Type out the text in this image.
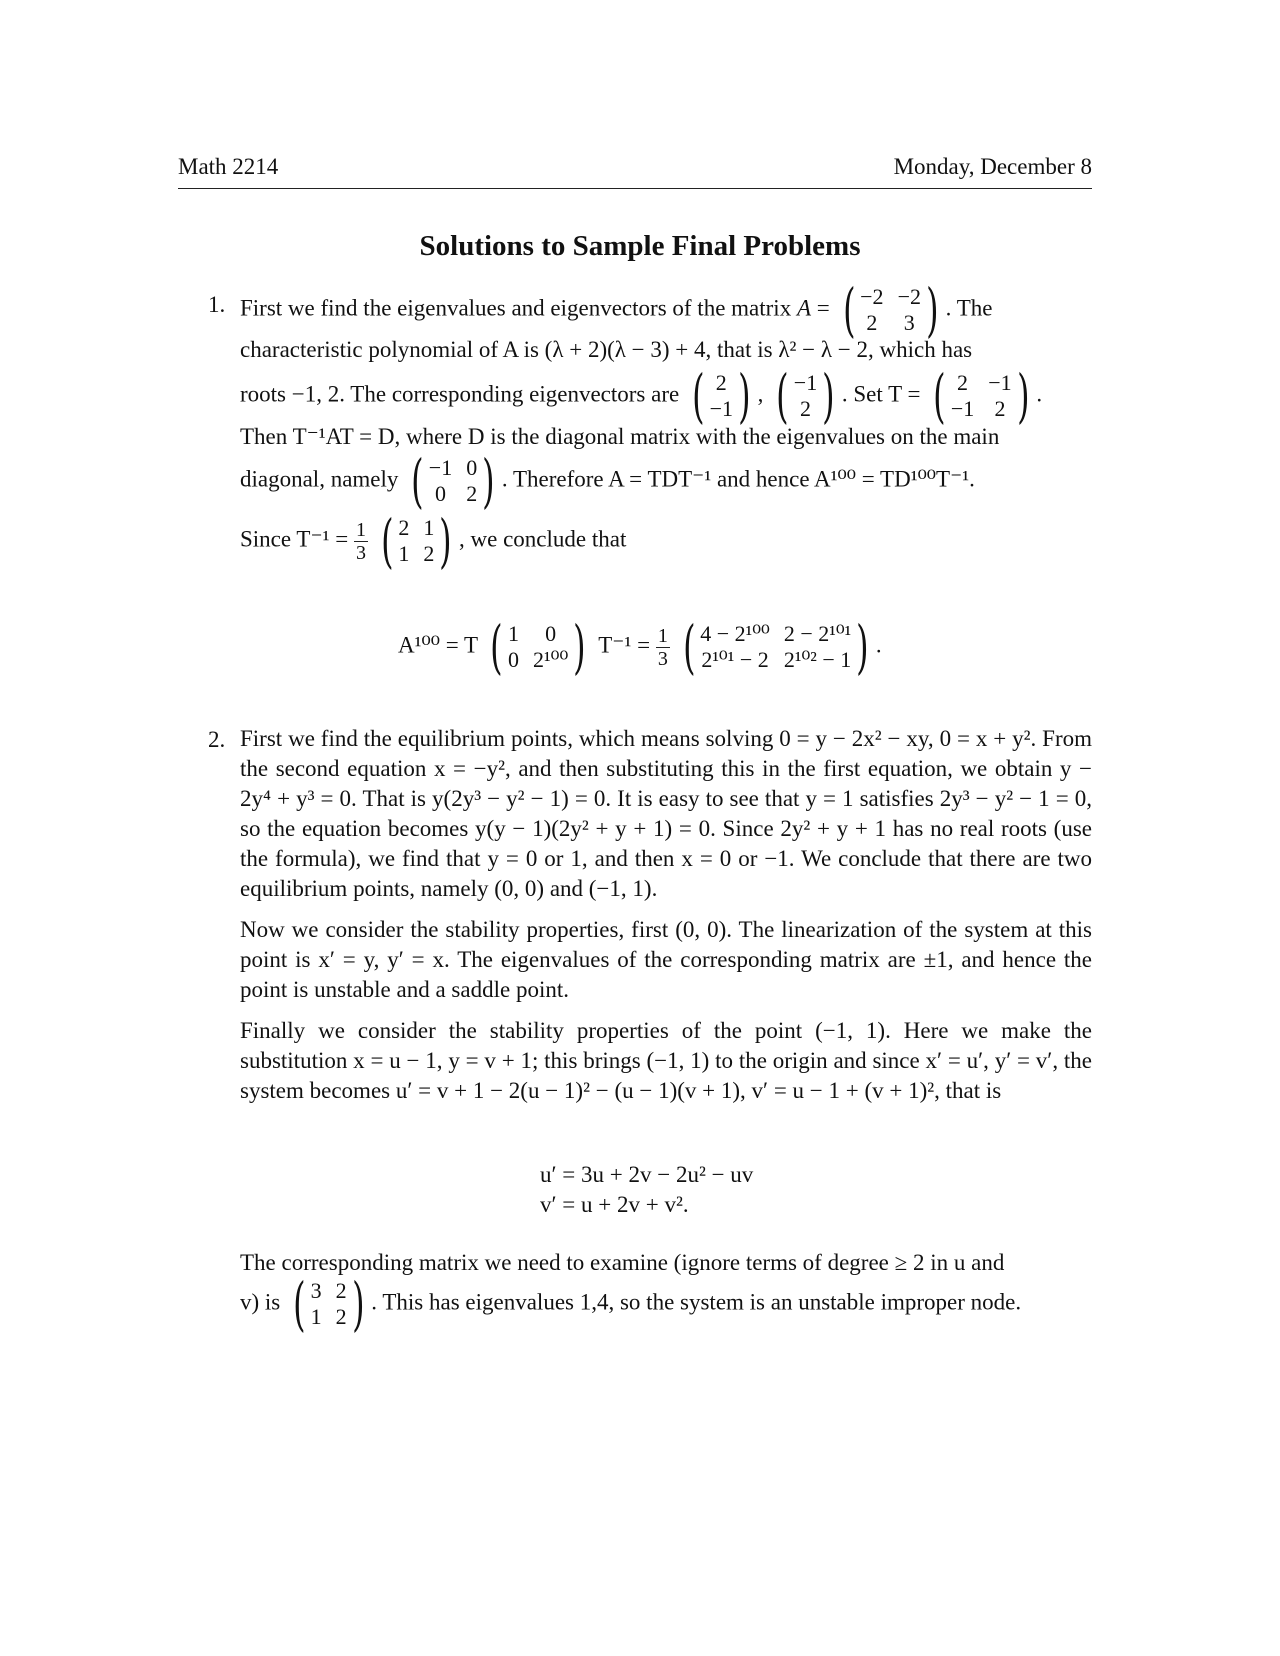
Math 2214	Monday, December 8
Solutions to Sample Final Problems
1. First we find the eigenvalues and eigenvectors of the matrix A = ( −2 −2
2 3 ) . The
characteristic polynomial of A is (λ + 2)(λ − 3) + 4, that is λ² − λ − 2, which has
roots −1, 2. The corresponding eigenvectors are ( 2
−1 ) , ( −1
2 ) . Set T = ( 2 −1
−1 2 ) .
Then T⁻¹AT = D, where D is the diagonal matrix with the eigenvalues on the main
diagonal, namely ( −1 0
0 2 ) . Therefore A = TDT⁻¹ and hence A¹⁰⁰ = TD¹⁰⁰T⁻¹.
Since $T^{-1} = \frac{1}{3}$
( 2 1
1 2 ) , we conclude that
A¹⁰⁰ = T ( 1	0
0 2¹⁰⁰ ) $T^{-1} = \frac{1}{3}$
( 4 − 2¹⁰⁰ 2 − 2¹⁰¹
2¹⁰¹ − 2 2¹⁰² − 1 ) .
2. First we find the equilibrium points, which means solving 0 = y − 2x² − xy, 0 = x + y². From the second equation x = −y², and then substituting this in the first equation, we obtain y − 2y⁴ + y³ = 0. That is y(2y³ − y² − 1) = 0. It is easy to see that y = 1 satisfies 2y³ − y² − 1 = 0, so the equation becomes y(y − 1)(2y² + y + 1) = 0. Since 2y² + y + 1 has no real roots (use the formula), we find that y = 0 or 1, and then x = 0 or −1. We conclude that there are two equilibrium points, namely (0, 0) and (−1, 1).

Now we consider the stability properties, first (0, 0). The linearization of the system at this point is x′ = y, y′ = x. The eigenvalues of the corresponding matrix are ±1, and hence the point is unstable and a saddle point.

Finally we consider the stability properties of the point (−1, 1). Here we make the substitution x = u − 1, y = v + 1; this brings (−1, 1) to the origin and since x′ = u′, y′ = v′, the system becomes u′ = v + 1 − 2(u − 1)² − (u − 1)(v + 1), v′ = u − 1 + (v + 1)², that is

u′ = 3u + 2v − 2u² − uv
v′ = u + 2v + v².
The corresponding matrix we need to examine (ignore terms of degree ≥ 2 in u and
v) is ( 3 2
1 2 ) . This has eigenvalues 1,4, so the system is an unstable improper node.
